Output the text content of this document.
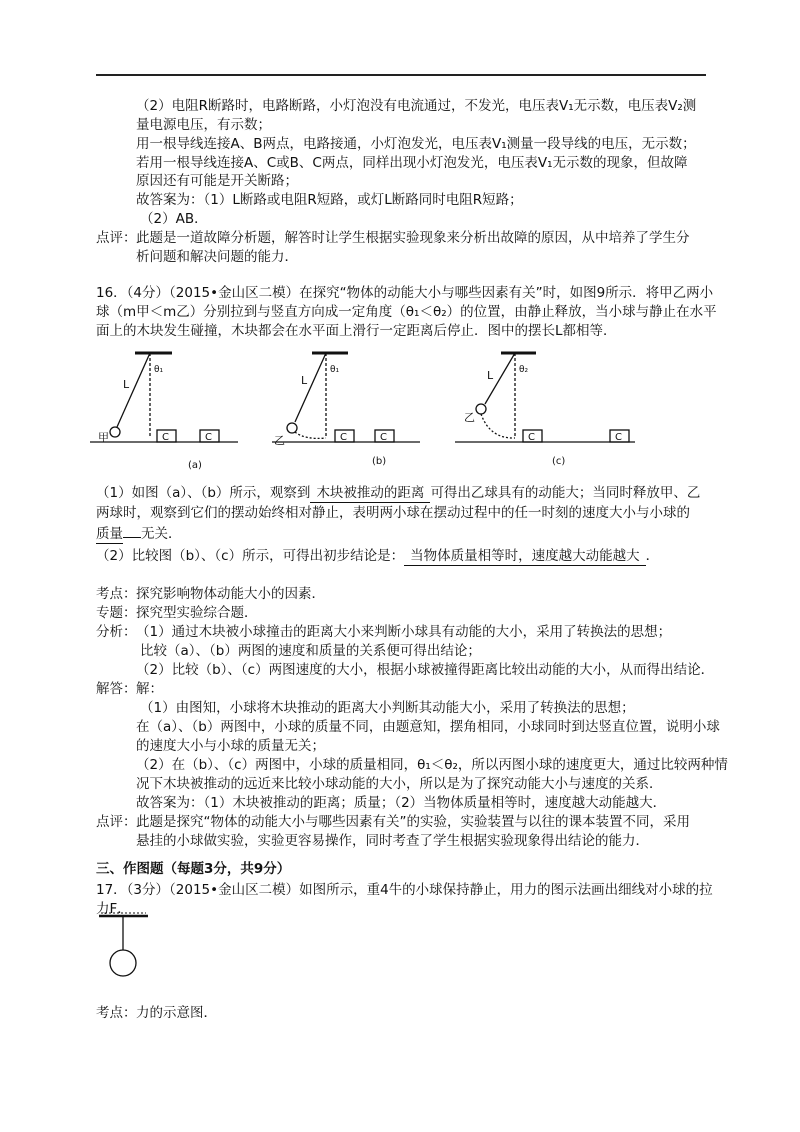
（2）电阻R断路时，电路断路，小灯泡没有电流通过，不发光，电压表V₁无示数，电压表V₂测
量电源电压，有示数；
用一根导线连接A、B两点，电路接通，小灯泡发光，电压表V₁测量一段导线的电压，无示数；
若用一根导线连接A、C或B、C两点，同样出现小灯泡发光，电压表V₁无示数的现象，但故障
原因还有可能是开关断路；
故答案为：（1）L断路或电阻R短路，或灯L断路同时电阻R短路；
（2）AB．
点评： 此题是一道故障分析题，解答时让学生根据实验现象来分析出故障的原因，从中培养了学生分
析问题和解决问题的能力．
16．（4分）（2015•金山区二模）在探究“物体的动能大小与哪些因素有关”时，如图9所示．将甲乙两小
球（m甲＜m乙）分别拉到与竖直方向成一定角度（θ₁＜θ₂）的位置，由静止释放，当小球与静止在水平
面上的木块发生碰撞，木块都会在水平面上滑行一定距离后停止．图中的摆长L都相等．
甲	乙
乙
L	L	L
θ₁	θ₁	θ₂
C	C	C	C	C	C
(a)	(b)	(c)
（1）如图（a）、（b）所示，观察到 木块被推动的距离 可得出乙球具有的动能大；当同时释放甲、乙
两球时，观察到它们的摆动始终相对静止，表明两小球在摆动过程中的任一时刻的速度大小与小球的
质量 无关．
（2）比较图（b）、（c）所示，可得出初步结论是： 当物体质量相等时，速度越大动能越大 ．
考点： 探究影响物体动能大小的因素．
专题： 探究型实验综合题．
分析： （1）通过木块被小球撞击的距离大小来判断小球具有动能的大小，采用了转换法的思想；
比较（a）、（b）两图的速度和质量的关系便可得出结论；
（2）比较（b）、（c）两图速度的大小，根据小球被撞得距离比较出动能的大小，从而得出结论．
解答： 解：
（1）由图知，小球将木块推动的距离大小判断其动能大小，采用了转换法的思想；
在（a）、（b）两图中，小球的质量不同，由题意知，摆角相同，小球同时到达竖直位置，说明小球
的速度大小与小球的质量无关；
（2）在（b）、（c）两图中，小球的质量相同，θ₁＜θ₂，所以丙图小球的速度更大，通过比较两种情
况下木块被推动的远近来比较小球动能的大小，所以是为了探究动能大小与速度的关系．
故答案为：（1）木块被推动的距离；质量；（2）当物体质量相等时，速度越大动能越大．
点评： 此题是探究“物体的动能大小与哪些因素有关”的实验，实验装置与以往的课本装置不同，采用
悬挂的小球做实验，实验更容易操作，同时考查了学生根据实验现象得出结论的能力．
三、作图题（每题3分，共9分）
17．（3分）（2015•金山区二模）如图所示，重4牛的小球保持静止，用力的图示法画出细线对小球的拉
力F．
考点： 力的示意图．
